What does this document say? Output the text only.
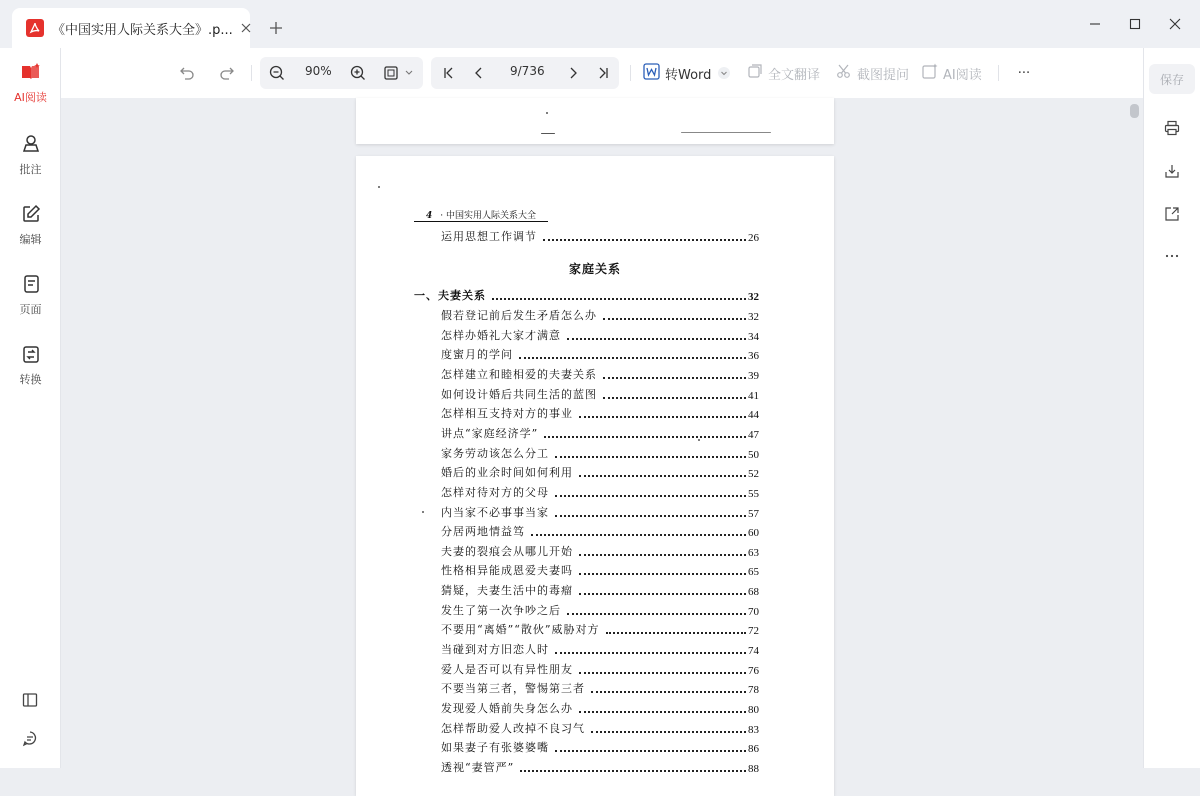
《中国实用人际关系大全》.p...
AI阅读
批注
编辑
页面
转换
90%	9/736	转Word	全文翻译	截图提问	AI阅读	···	保存
4 · 中国实用人际关系大全
运用思想工作调节	26
家庭关系
一、夫妻关系	32
假若登记前后发生矛盾怎么办	32
怎样办婚礼大家才满意	34
度蜜月的学问	36
怎样建立和睦相爱的夫妻关系	39
如何设计婚后共同生活的蓝图	41
怎样相互支持对方的事业	44
讲点“家庭经济学”	47
家务劳动该怎么分工	50
婚后的业余时间如何利用	52
怎样对待对方的父母	55
内当家不必事事当家	57
分居两地情益笃	60
夫妻的裂痕会从哪儿开始	63
性格相异能成恩爱夫妻吗	65
猜疑，夫妻生活中的毒瘤	68
发生了第一次争吵之后	70
不要用“离婚”“散伙”威胁对方	72
当碰到对方旧恋人时	74
爱人是否可以有异性朋友	76
不要当第三者，警惕第三者	78
发现爱人婚前失身怎么办	80
怎样帮助爱人改掉不良习气	83
如果妻子有张婆婆嘴	86
透视“妻管严”	88
